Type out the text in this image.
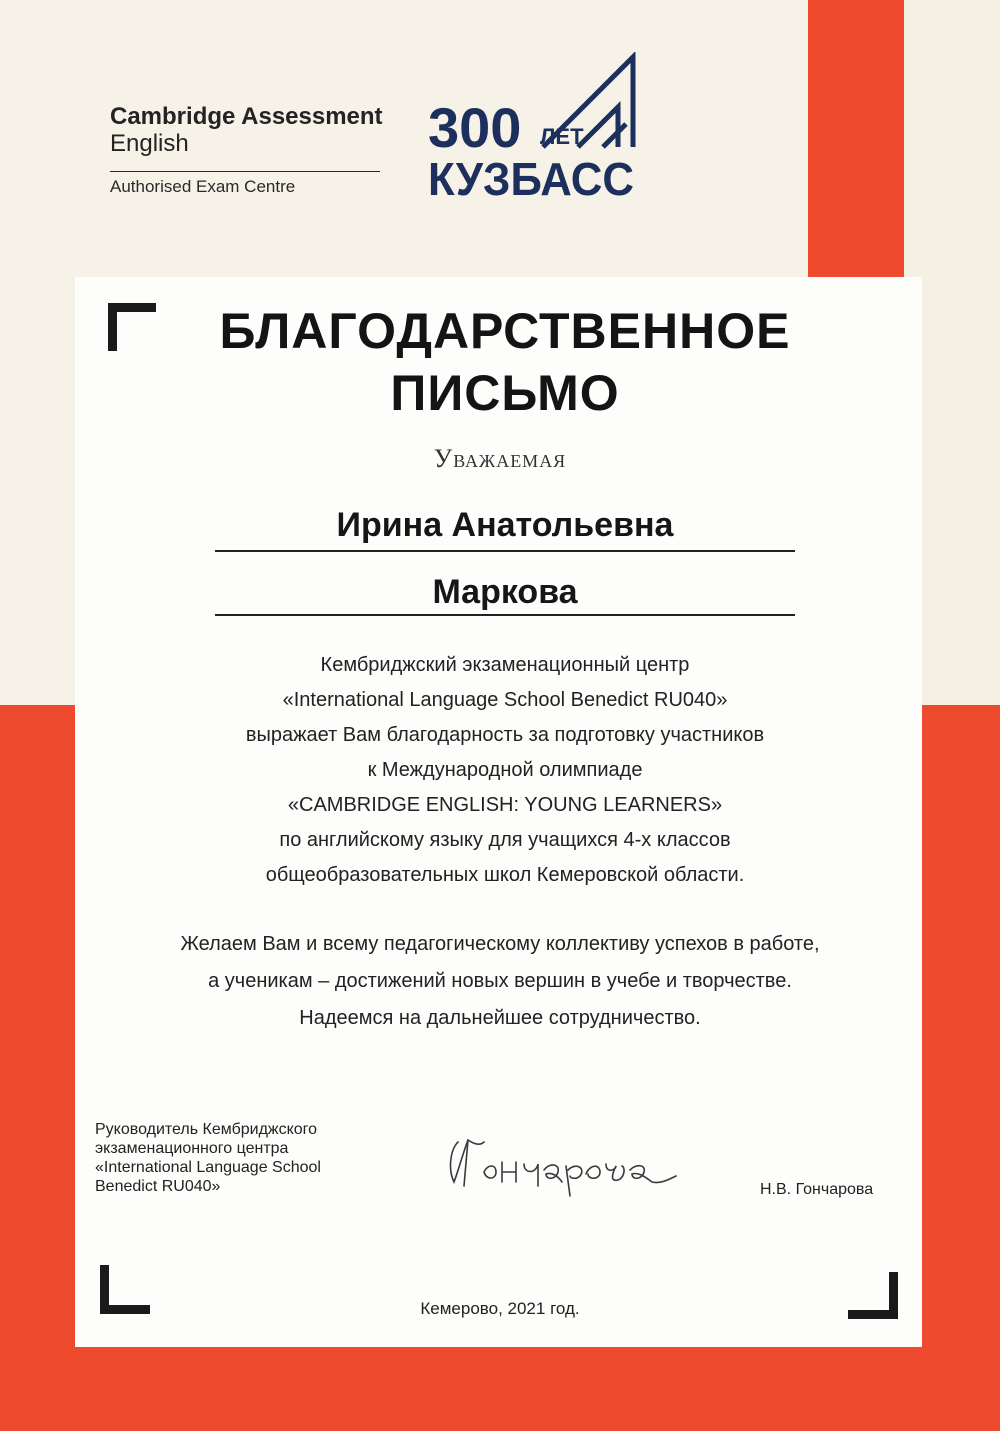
Cambridge Assessment
English
Authorised Exam Centre
300 ЛЕТ
КУЗБАСС
БЛАГОДАРСТВЕННОЕ
ПИСЬМО
Уважаемая
Ирина Анатольевна
Маркова
Кембриджский экзаменационный центр
«International Language School Benedict RU040»
выражает Вам благодарность за подготовку участников
к Международной олимпиаде
«CAMBRIDGE ENGLISH: YOUNG LEARNERS»
по английскому языку для учащихся 4-х классов
общеобразовательных школ Кемеровской области.
Желаем Вам и всему педагогическому коллективу успехов в работе,
а ученикам – достижений новых вершин в учебе и творчестве.
Надеемся на дальнейшее сотрудничество.
Руководитель Кембриджского
экзаменационного центра
«International Language School
Benedict RU040»	Н.В. Гончарова
Кемерово, 2021 год.
